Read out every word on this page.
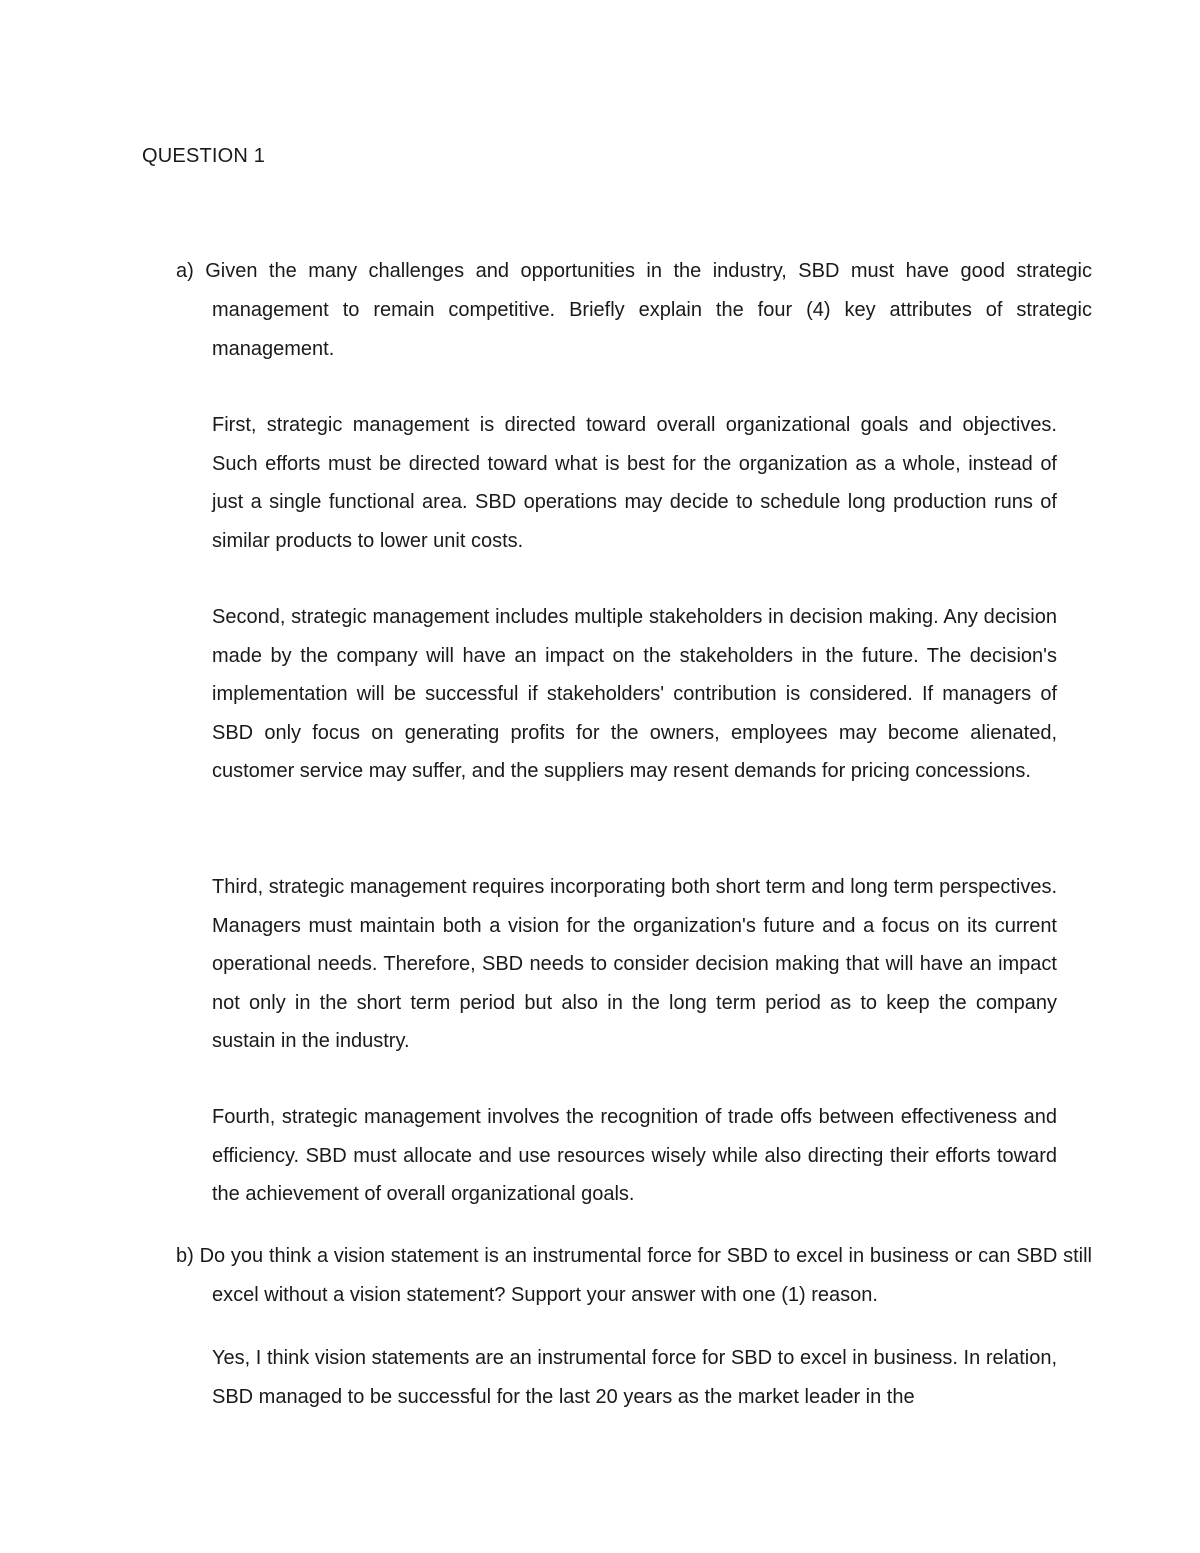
QUESTION 1

a) Given the many challenges and opportunities in the industry, SBD must have good strategic management to remain competitive. Briefly explain the four (4) key attributes of strategic management.

First, strategic management is directed toward overall organizational goals and objectives. Such efforts must be directed toward what is best for the organization as a whole, instead of just a single functional area. SBD operations may decide to schedule long production runs of similar products to lower unit costs.

Second, strategic management includes multiple stakeholders in decision making. Any decision made by the company will have an impact on the stakeholders in the future. The decision's implementation will be successful if stakeholders' contribution is considered. If managers of SBD only focus on generating profits for the owners, employees may become alienated, customer service may suffer, and the suppliers may resent demands for pricing concessions.

Third, strategic management requires incorporating both short term and long term perspectives. Managers must maintain both a vision for the organization's future and a focus on its current operational needs. Therefore, SBD needs to consider decision making that will have an impact not only in the short term period but also in the long term period as to keep the company sustain in the industry.

Fourth, strategic management involves the recognition of trade offs between effectiveness and efficiency. SBD must allocate and use resources wisely while also directing their efforts toward the achievement of overall organizational goals.

b) Do you think a vision statement is an instrumental force for SBD to excel in business or can SBD still excel without a vision statement? Support your answer with one (1) reason.

Yes, I think vision statements are an instrumental force for SBD to excel in business. In relation, SBD managed to be successful for the last 20 years as the market leader in the
